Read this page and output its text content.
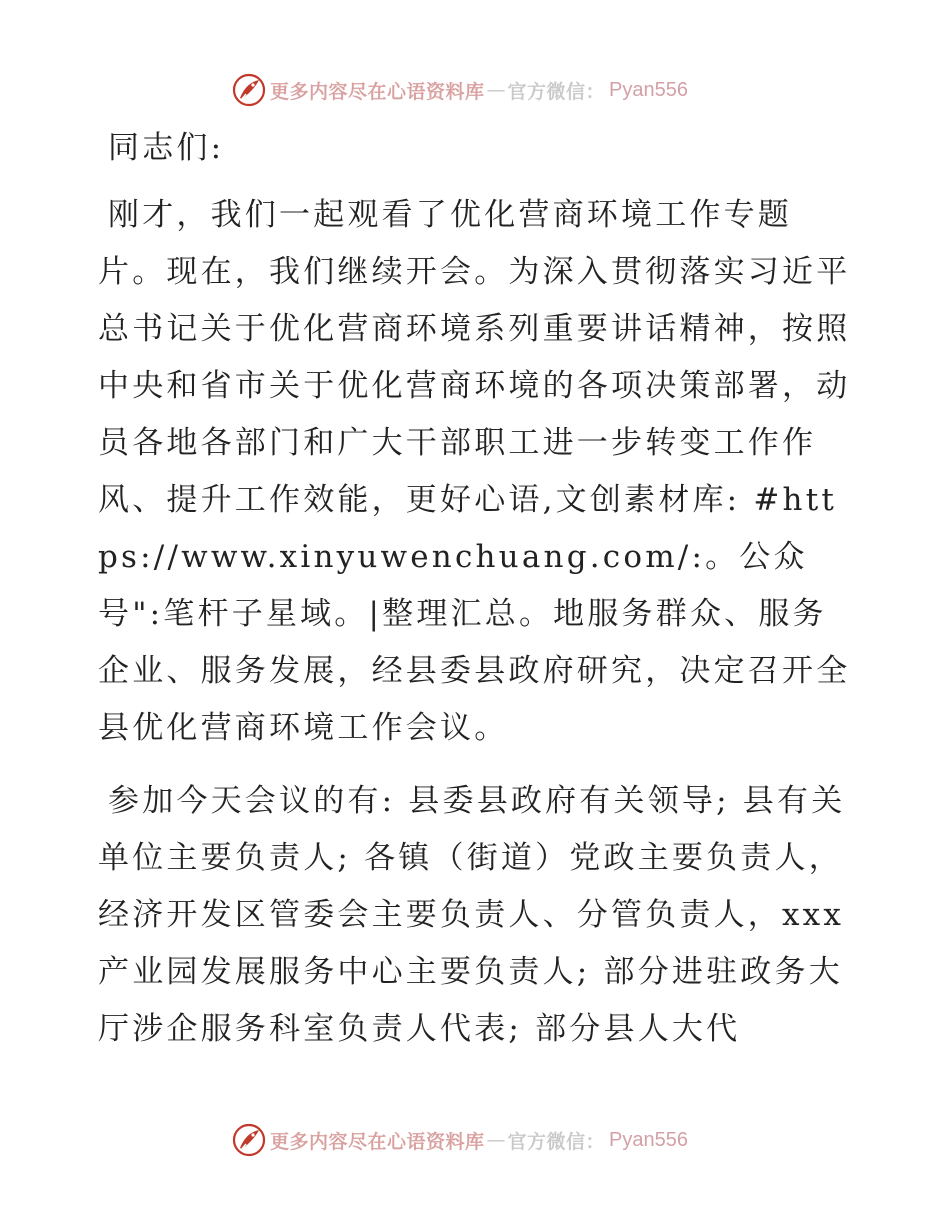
更多内容尽在心语资料库 — 官方微信： Pyan556

同志们:

刚才，我们一起观看了优化营商环境工作专题片。现在，我们继续开会。为深入贯彻落实习近平总书记关于优化营商环境系列重要讲话精神，按照中央和省市关于优化营商环境的各项决策部署，动员各地各部门和广大干部职工进一步转变工作作风、提升工作效能，更好心语,文创素材库: #https://www.xinyuwenchuang.com/:。公众号":笔杆子星域。|整理汇总。地服务群众、服务企业、服务发展，经县委县政府研究，决定召开全县优化营商环境工作会议。

参加今天会议的有: 县委县政府有关领导; 县有关单位主要负责人; 各镇（街道）党政主要负责人，经济开发区管委会主要负责人、分管负责人，xxx产业园发展服务中心主要负责人; 部分进驻政务大厅涉企服务科室负责人代表; 部分县人大代

更多内容尽在心语资料库 — 官方微信： Pyan556
